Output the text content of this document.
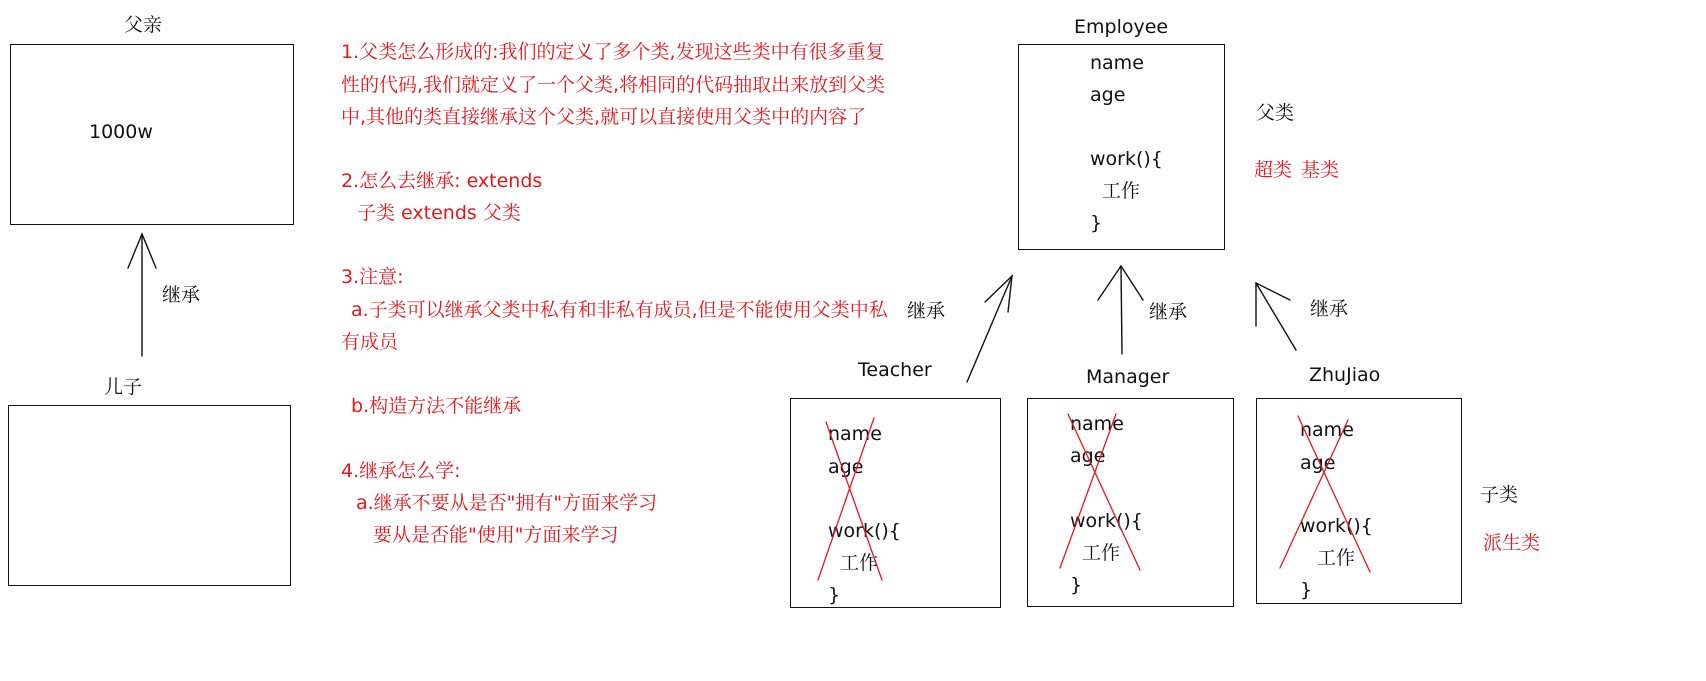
父亲
1000w
继承
儿子
1.父类怎么形成的:我们的定义了多个类,发现这些类中有很多重复
性的代码,我们就定义了一个父类,将相同的代码抽取出来放到父类
中,其他的类直接继承这个父类,就可以直接使用父类中的内容了
2.怎么去继承: extends
子类 extends 父类
3.注意:
a.子类可以继承父类中私有和非私有成员,但是不能使用父类中私
有成员
b.构造方法不能继承
4.继承怎么学:
a.继承不要从是否"拥有"方面来学习
要从是否能"使用"方面来学习
Employee
name
age
work(){
工作
}
父类
超类 基类
继承	继承	继承
Teacher
name
age
work(){
工作
}
Manager
name
age
work(){
工作
}
ZhuJiao
name
age
work(){
工作
}
子类
派生类
